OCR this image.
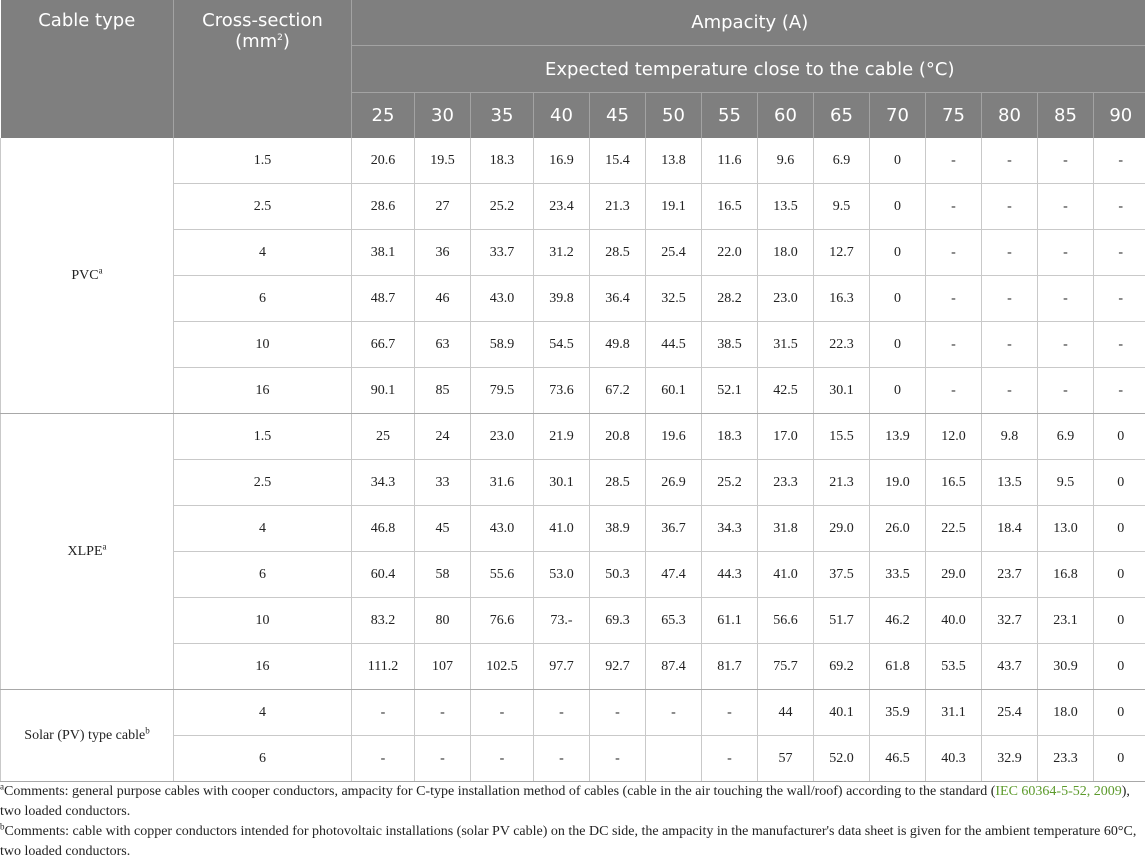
Cable type	Cross-section
$(mm^2)$	Ampacity (A)													
		Expected temperature close to the cable (°C)													
		25	30	35	40	45	50	55	60	65	70	75	80	85	90
PVC$^a$	1.5	20.6	19.5	18.3	16.9	15.4	13.8	11.6	9.6	6.9	0	-	-	-	-
	2.5	28.6	27	25.2	23.4	21.3	19.1	16.5	13.5	9.5	0	-	-	-	-
	4	38.1	36	33.7	31.2	28.5	25.4	22.0	18.0	12.7	0	-	-	-	-
	6	48.7	46	43.0	39.8	36.4	32.5	28.2	23.0	16.3	0	-	-	-	-
	10	66.7	63	58.9	54.5	49.8	44.5	38.5	31.5	22.3	0	-	-	-	-
	16	90.1	85	79.5	73.6	67.2	60.1	52.1	42.5	30.1	0	-	-	-	-
XLPE$^a$	1.5	25	24	23.0	21.9	20.8	19.6	18.3	17.0	15.5	13.9	12.0	9.8	6.9	0
	2.5	34.3	33	31.6	30.1	28.5	26.9	25.2	23.3	21.3	19.0	16.5	13.5	9.5	0
	4	46.8	45	43.0	41.0	38.9	36.7	34.3	31.8	29.0	26.0	22.5	18.4	13.0	0
	6	60.4	58	55.6	53.0	50.3	47.4	44.3	41.0	37.5	33.5	29.0	23.7	16.8	0
	10	83.2	80	76.6	73.-	69.3	65.3	61.1	56.6	51.7	46.2	40.0	32.7	23.1	0
	16	111.2	107	102.5	97.7	92.7	87.4	81.7	75.7	69.2	61.8	53.5	43.7	30.9	0
Solar (PV) type cable$^b$	4	-	-	-	-	-	-	-	44	40.1	35.9	31.1	25.4	18.0	0
	6	-	-	-	-	-		-	57	52.0	46.5	40.3	32.9	23.3	0

$^a$Comments: general purpose cables with cooper conductors, ampacity for C-type installation method of cables (cable in the air touching the wall/roof) according to the standard (IEC 60364-5-52, 2009), two loaded conductors.

$^b$Comments: cable with copper conductors intended for photovoltaic installations (solar PV cable) on the DC side, the ampacity in the manufacturer's data sheet is given for the ambient temperature 60°C, two loaded conductors.
